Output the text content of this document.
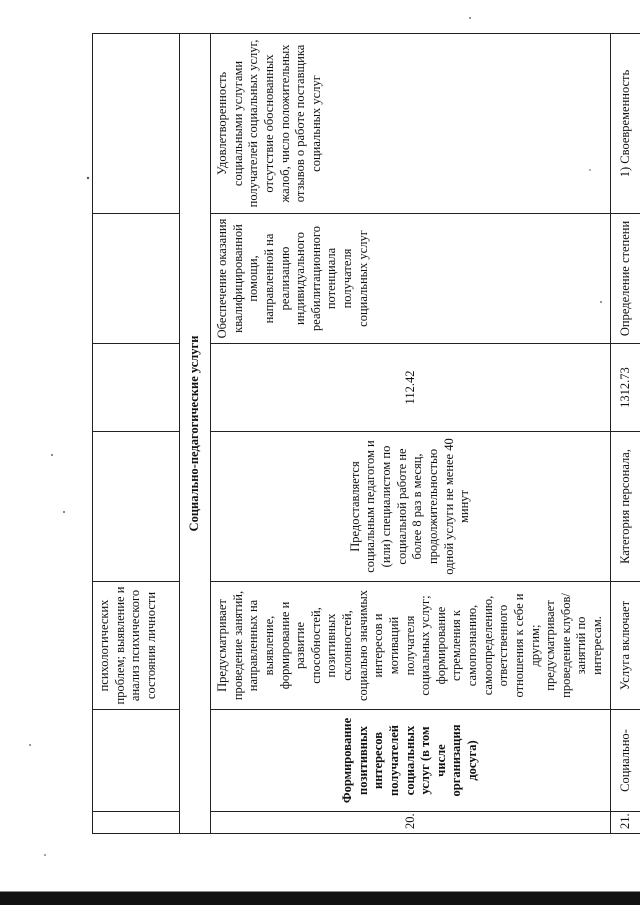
		психологических проблем; выявление и анализ психического состояния личности				
Социально-педагогические услуги						
20.	Формирование позитивных интересов получателей социальных услуг (в том числе организация досуга)	Предусматривает проведение занятий, направленных на выявление, формирование и развитие способностей, позитивных склонностей, социально значимых интересов и мотиваций получателя социальных услуг; формирование стремления к самопознанию, самоопределению, ответственного отношения к себе и другим; предусматривает проведение клубов/ занятий по интересам.	Предоставляется социальным педагогом и (или) специалистом по социальной работе не более 8 раз в месяц, продолжительностью одной услуги не менее 40 минут	112.42	Обеспечение оказания квалифицированной помощи, направленной на реализацию индивидуального реабилитационного потенциала получателя социальных услуг	Удовлетворенность социальными услугами получателей социальных услуг, отсутствие обоснованных жалоб, число положительных отзывов о работе поставщика социальных услуг
21.	Социально-	Услуга включает	Категория персонала,	1312.73	Определение степени	1) Своевременность
